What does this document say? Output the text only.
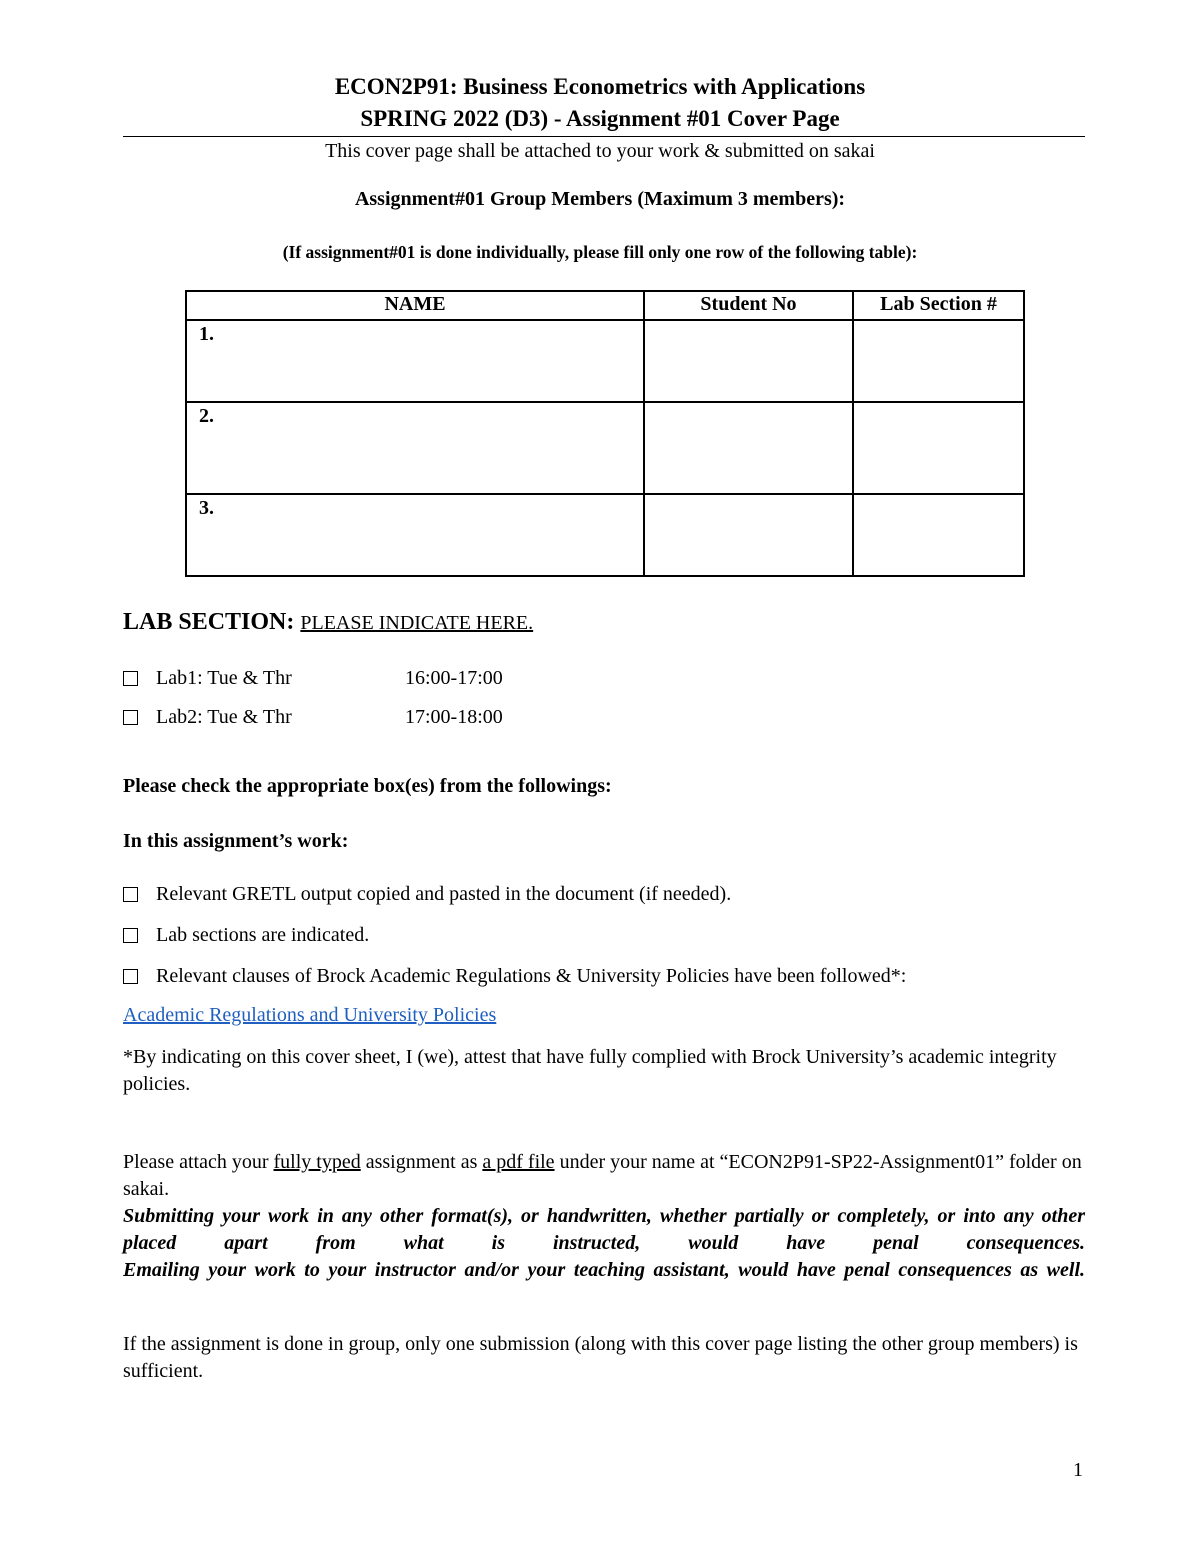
ECON2P91: Business Econometrics with Applications
SPRING 2022 (D3) - Assignment #01 Cover Page
This cover page shall be attached to your work & submitted on sakai
Assignment#01 Group Members (Maximum 3 members):
(If assignment#01 is done individually, please fill only one row of the following table):
NAME	Student No	Lab Section #
1.		
2.		
3.		
LAB SECTION: PLEASE INDICATE HERE.
Lab1: Tue & Thr	16:00-17:00
Lab2: Tue & Thr	17:00-18:00
Please check the appropriate box(es) from the followings:
In this assignment’s work:
Relevant GRETL output copied and pasted in the document (if needed).
Lab sections are indicated.
Relevant clauses of Brock Academic Regulations & University Policies have been followed*:
Academic Regulations and University Policies
*By indicating on this cover sheet, I (we), attest that have fully complied with Brock University’s academic integrity policies.
Please attach your fully typed assignment as a pdf file under your name at “ECON2P91-SP22-Assignment01” folder on sakai.
Submitting your work in any other format(s), or handwritten, whether partially or completely, or into any other placed apart from what is instructed, would have penal consequences.
Emailing your work to your instructor and/or your teaching assistant, would have penal consequences as well.
If the assignment is done in group, only one submission (along with this cover page listing the other group members) is sufficient.
1
